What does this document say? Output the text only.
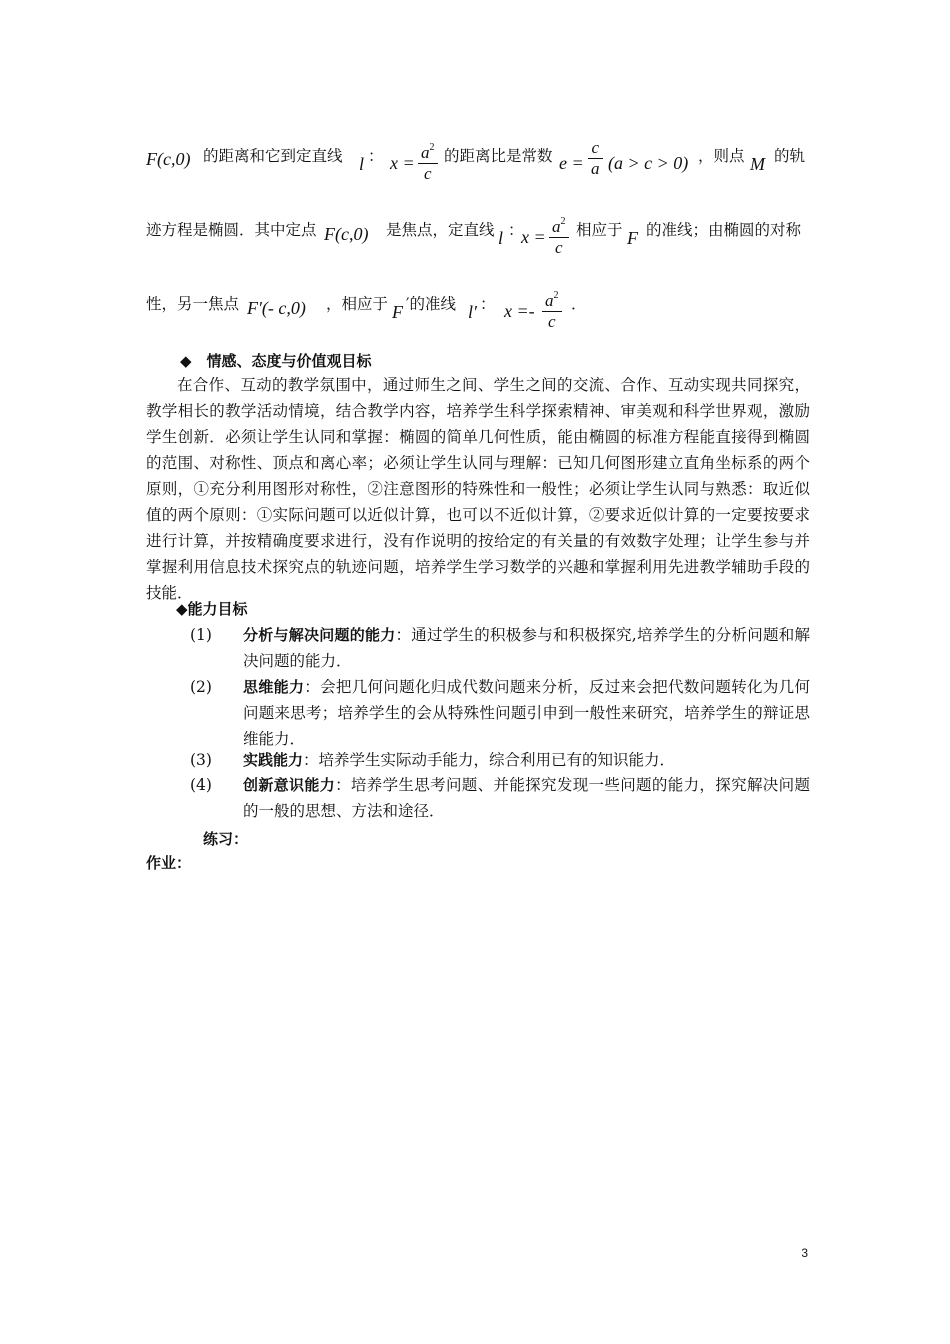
F(c,0) 的距离和它到定直线 l ： $x = \frac{a^2}{c}$ 的距离比是常数 $e = \frac{c}{a} (a > c > 0)$ ，则点 M 的轨
迹方程是椭圆．其中定点 F(c,0) 是焦点，定直线 l ：
$x = \frac{a^2}{c}$ 相应于 F 的准线；由椭圆的对称
性，另一焦点 F′(- c,0) ，相应于 F ′的准线 l′ ： $x =- \frac{a^2}{c}$ ．
◆　情感、态度与价值观目标
在合作、互动的教学氛围中，通过师生之间、学生之间的交流、合作、互动实现共同探究，教学相长的教学活动情境，结合教学内容，培养学生科学探索精神、审美观和科学世界观，激励学生创新．必须让学生认同和掌握：椭圆的简单几何性质，能由椭圆的标准方程能直接得到椭圆的范围、对称性、顶点和离心率；必须让学生认同与理解：已知几何图形建立直角坐标系的两个原则，①充分利用图形对称性，②注意图形的特殊性和一般性；必须让学生认同与熟悉：取近似值的两个原则：①实际问题可以近似计算，也可以不近似计算，②要求近似计算的一定要按要求进行计算，并按精确度要求进行，没有作说明的按给定的有关量的有效数字处理；让学生参与并掌握利用信息技术探究点的轨迹问题，培养学生学习数学的兴趣和掌握利用先进教学辅助手段的技能．
◆能力目标
(1)	分析与解决问题的能力：通过学生的积极参与和积极探究,培养学生的分析问题和解决问题的能力．
(2)	思维能力：会把几何问题化归成代数问题来分析，反过来会把代数问题转化为几何问题来思考；培养学生的会从特殊性问题引申到一般性来研究，培养学生的辩证思维能力．
(3)	实践能力：培养学生实际动手能力，综合利用已有的知识能力．
(4)	创新意识能力：培养学生思考问题、并能探究发现一些问题的能力，探究解决问题的一般的思想、方法和途径．
练习：
作业：
3
